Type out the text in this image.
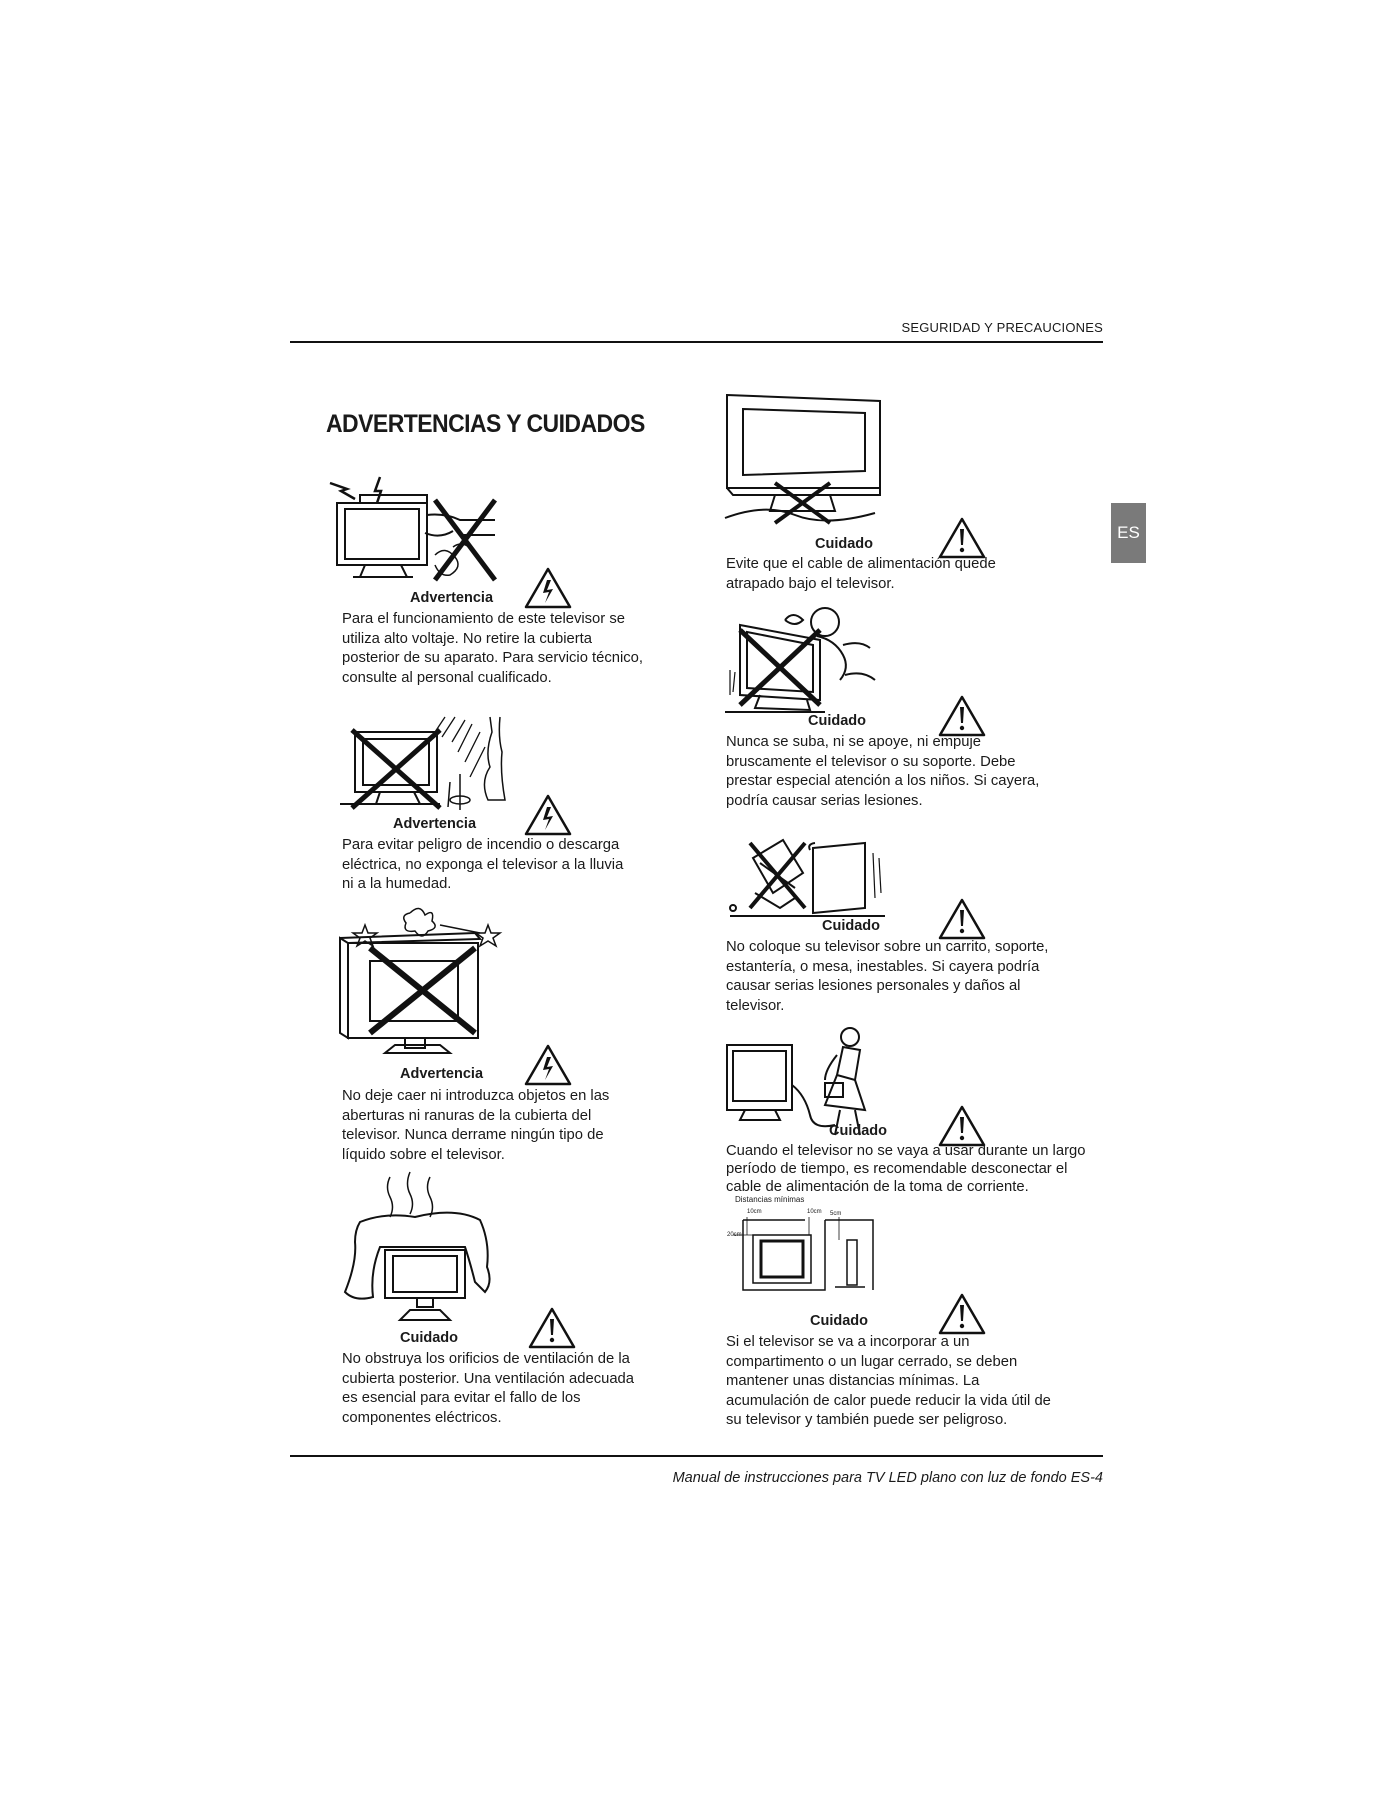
SEGURIDAD Y PRECAUCIONES
ADVERTENCIAS Y CUIDADOS
ES
Advertencia
Para el funcionamiento de este televisor se
utiliza alto voltaje. No retire la cubierta
posterior de su aparato. Para servicio técnico,
consulte al personal cualificado.
Advertencia
Para evitar peligro de incendio o descarga
eléctrica, no exponga el televisor a la lluvia
ni a la humedad.
Advertencia
No deje caer ni introduzca objetos en las
aberturas ni ranuras de la cubierta del
televisor. Nunca derrame ningún tipo de
líquido sobre el televisor.
Cuidado
No obstruya los orificios de ventilación de la
cubierta posterior. Una ventilación adecuada
es esencial para evitar el fallo de los
componentes eléctricos.
Cuidado
Evite que el cable de alimentación quede
atrapado bajo el televisor.
Cuidado
Nunca se suba, ni se apoye, ni empuje
bruscamente el televisor o su soporte. Debe
prestar especial atención a los niños. Si cayera,
podría causar serias lesiones.
Cuidado
No coloque su televisor sobre un carrito, soporte,
estantería, o mesa, inestables. Si cayera podría
causar serias lesiones personales y daños al
televisor.
Cuidado
Cuando el televisor no se vaya a usar durante un largo
período de tiempo, es recomendable desconectar el
cable de alimentación de la toma de corriente.
Distancias mínimas
10cm	10cm 5cm
20cm
Cuidado
Si el televisor se va a incorporar a un
compartimento o un lugar cerrado, se deben
mantener unas distancias mínimas. La
acumulación de calor puede reducir la vida útil de
su televisor y también puede ser peligroso.
Manual de instrucciones para TV LED plano con luz de fondo ES-4
